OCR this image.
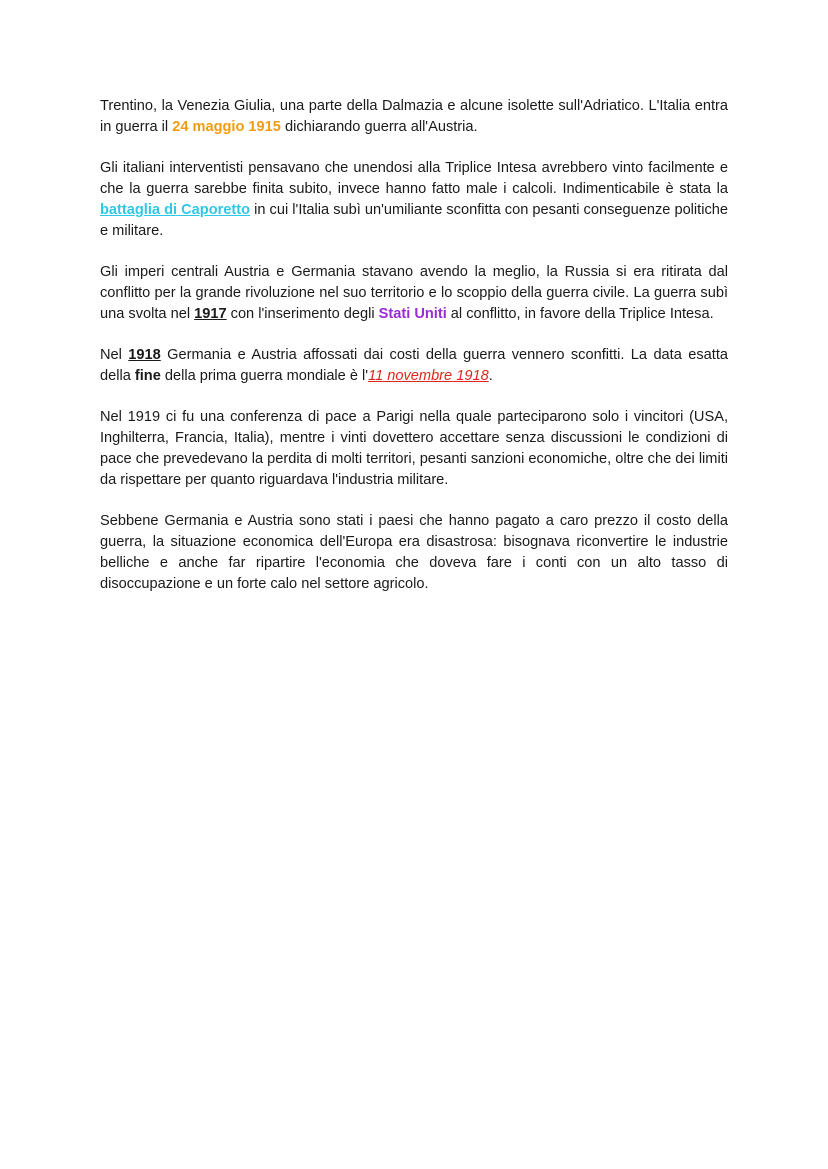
Trentino, la Venezia Giulia, una parte della Dalmazia e alcune isolette sull'Adriatico. L'Italia entra in guerra il 24 maggio 1915 dichiarando guerra all'Austria.

Gli italiani interventisti pensavano che unendosi alla Triplice Intesa avrebbero vinto facilmente e che la guerra sarebbe finita subito, invece hanno fatto male i calcoli. Indimenticabile è stata la battaglia di Caporetto in cui l'Italia subì un'umiliante sconfitta con pesanti conseguenze politiche e militare.

Gli imperi centrali Austria e Germania stavano avendo la meglio, la Russia si era ritirata dal conflitto per la grande rivoluzione nel suo territorio e lo scoppio della guerra civile. La guerra subì una svolta nel 1917 con l'inserimento degli Stati Uniti al conflitto, in favore della Triplice Intesa.

Nel 1918 Germania e Austria affossati dai costi della guerra vennero sconfitti. La data esatta della fine della prima guerra mondiale è l'11 novembre 1918.

Nel 1919 ci fu una conferenza di pace a Parigi nella quale parteciparono solo i vincitori (USA, Inghilterra, Francia, Italia), mentre i vinti dovettero accettare senza discussioni le condizioni di pace che prevedevano la perdita di molti territori, pesanti sanzioni economiche, oltre che dei limiti da rispettare per quanto riguardava l'industria militare.

Sebbene Germania e Austria sono stati i paesi che hanno pagato a caro prezzo il costo della guerra, la situazione economica dell'Europa era disastrosa: bisognava riconvertire le industrie belliche e anche far ripartire l'economia che doveva fare i conti con un alto tasso di disoccupazione e un forte calo nel settore agricolo.
